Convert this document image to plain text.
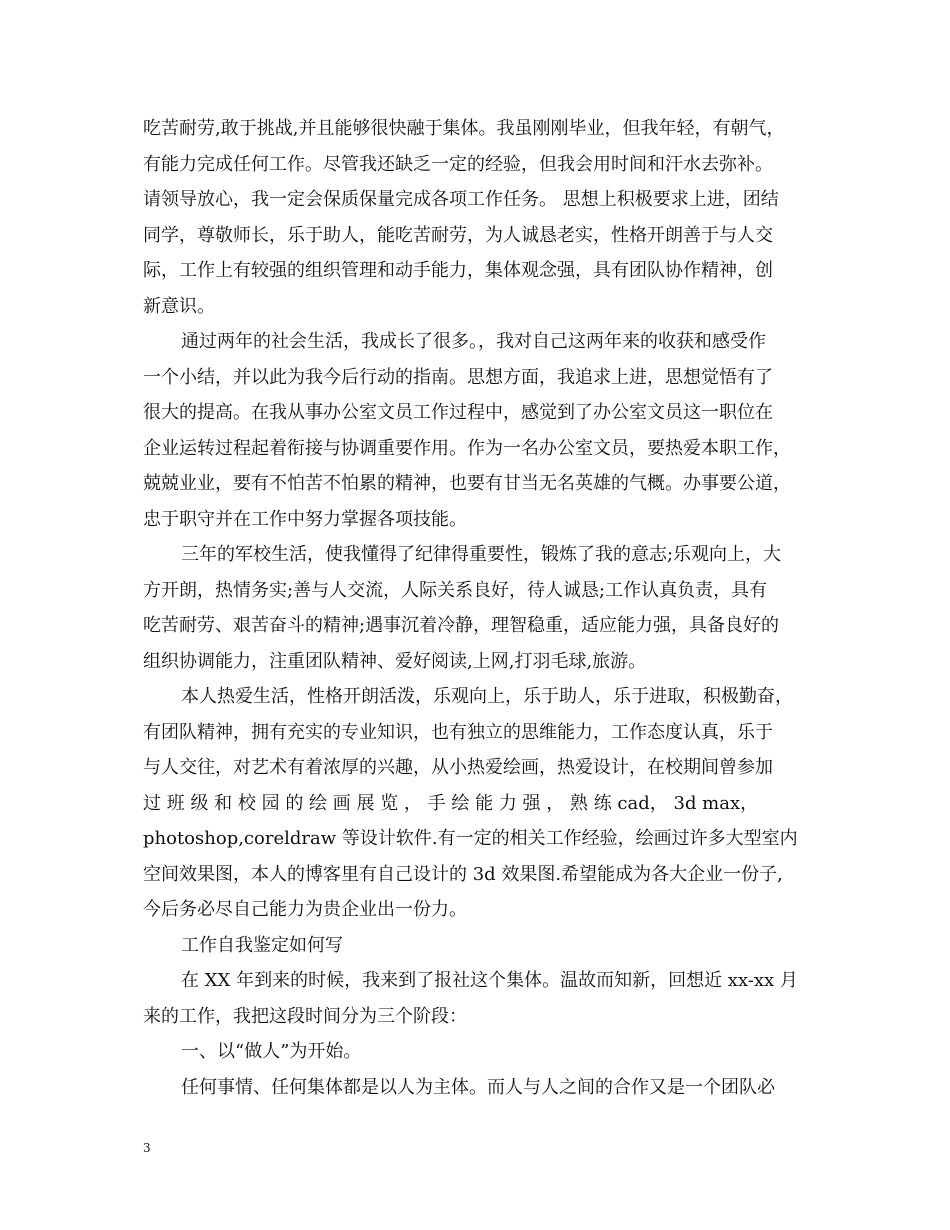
吃苦耐劳,敢于挑战,并且能够很快融于集体。我虽刚刚毕业，但我年轻，有朝气，
有能力完成任何工作。尽管我还缺乏一定的经验，但我会用时间和汗水去弥补。
请领导放心，我一定会保质保量完成各项工作任务。 思想上积极要求上进，团结
同学，尊敬师长，乐于助人，能吃苦耐劳，为人诚恳老实，性格开朗善于与人交
际，工作上有较强的组织管理和动手能力，集体观念强，具有团队协作精神，创
新意识。
通过两年的社会生活，我成长了很多。，我对自己这两年来的收获和感受作
一个小结，并以此为我今后行动的指南。思想方面，我追求上进，思想觉悟有了
很大的提高。在我从事办公室文员工作过程中，感觉到了办公室文员这一职位在
企业运转过程起着衔接与协调重要作用。作为一名办公室文员，要热爱本职工作，
兢兢业业，要有不怕苦不怕累的精神，也要有甘当无名英雄的气概。办事要公道，
忠于职守并在工作中努力掌握各项技能。
三年的军校生活，使我懂得了纪律得重要性，锻炼了我的意志;乐观向上，大
方开朗，热情务实;善与人交流，人际关系良好，待人诚恳;工作认真负责，具有
吃苦耐劳、艰苦奋斗的精神;遇事沉着冷静，理智稳重，适应能力强，具备良好的
组织协调能力，注重团队精神、爱好阅读,上网,打羽毛球,旅游。
本人热爱生活，性格开朗活泼，乐观向上，乐于助人，乐于进取，积极勤奋，
有团队精神，拥有充实的专业知识，也有独立的思维能力，工作态度认真，乐于
与人交往，对艺术有着浓厚的兴趣，从小热爱绘画，热爱设计，在校期间曾参加
过 班 级 和 校 园 的 绘 画 展 览 ， 手 绘 能 力 强 ， 熟 练 cad， 3d max，
photoshop,coreldraw 等设计软件.有一定的相关工作经验，绘画过许多大型室内
空间效果图，本人的博客里有自己设计的 3d 效果图.希望能成为各大企业一份子,
今后务必尽自己能力为贵企业出一份力。
工作自我鉴定如何写
在 XX 年到来的时候，我来到了报社这个集体。温故而知新，回想近 xx-xx 月
来的工作，我把这段时间分为三个阶段：
一、以“做人”为开始。
任何事情、任何集体都是以人为主体。而人与人之间的合作又是一个团队必
3
